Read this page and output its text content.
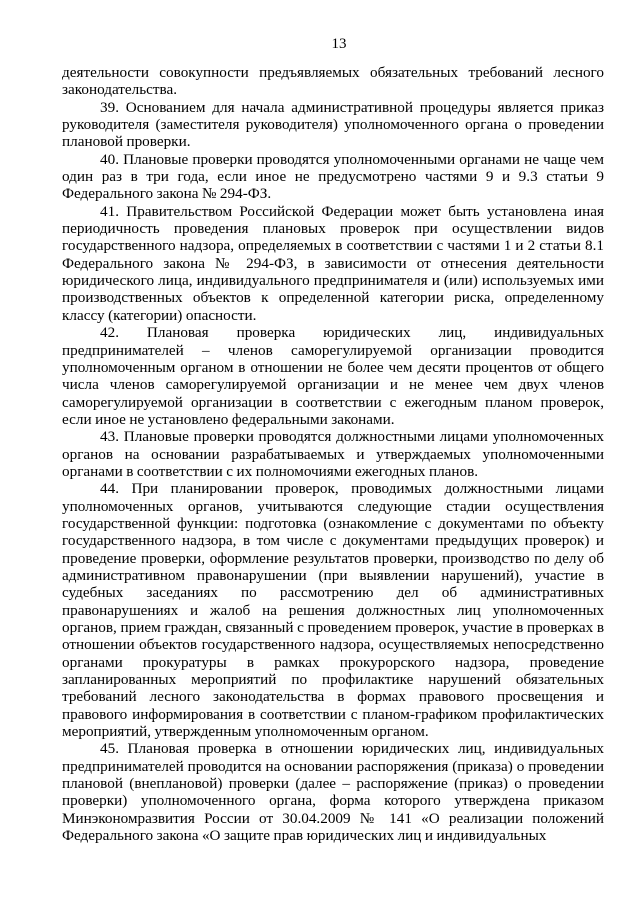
13

деятельности совокупности предъявляемых обязательных требований лесного законодательства.

39. Основанием для начала административной процедуры является приказ руководителя (заместителя руководителя) уполномоченного органа о проведении плановой проверки.

40. Плановые проверки проводятся уполномоченными органами не чаще чем один раз в три года, если иное не предусмотрено частями 9 и 9.3 статьи 9 Федерального закона № 294-ФЗ.

41. Правительством Российской Федерации может быть установлена иная периодичность проведения плановых проверок при осуществлении видов государственного надзора, определяемых в соответствии с частями 1 и 2 статьи 8.1 Федерального закона № 294-ФЗ, в зависимости от отнесения деятельности юридического лица, индивидуального предпринимателя и (или) используемых ими производственных объектов к определенной категории риска, определенному классу (категории) опасности.

42. Плановая проверка юридических лиц, индивидуальных предпринимателей – членов саморегулируемой организации проводится уполномоченным органом в отношении не более чем десяти процентов от общего числа членов саморегулируемой организации и не менее чем двух членов саморегулируемой организации в соответствии с ежегодным планом проверок, если иное не установлено федеральными законами.

43. Плановые проверки проводятся должностными лицами уполномоченных органов на основании разрабатываемых и утверждаемых уполномоченными органами в соответствии с их полномочиями ежегодных планов.

44. При планировании проверок, проводимых должностными лицами уполномоченных органов, учитываются следующие стадии осуществления государственной функции: подготовка (ознакомление с документами по объекту государственного надзора, в том числе с документами предыдущих проверок) и проведение проверки, оформление результатов проверки, производство по делу об административном правонарушении (при выявлении нарушений), участие в судебных заседаниях по рассмотрению дел об административных правонарушениях и жалоб на решения должностных лиц уполномоченных органов, прием граждан, связанный с проведением проверок, участие в проверках в отношении объектов государственного надзора, осуществляемых непосредственно органами прокуратуры в рамках прокурорского надзора, проведение запланированных мероприятий по профилактике нарушений обязательных требований лесного законодательства в формах правового просвещения и правового информирования в соответствии с планом-графиком профилактических мероприятий, утвержденным уполномоченным органом.

45. Плановая проверка в отношении юридических лиц, индивидуальных предпринимателей проводится на основании распоряжения (приказа) о проведении плановой (внеплановой) проверки (далее – распоряжение (приказ) о проведении проверки) уполномоченного органа, форма которого утверждена приказом Минэкономразвития России от 30.04.2009 № 141 «О реализации положений Федерального закона «О защите прав юридических лиц и индивидуальных
